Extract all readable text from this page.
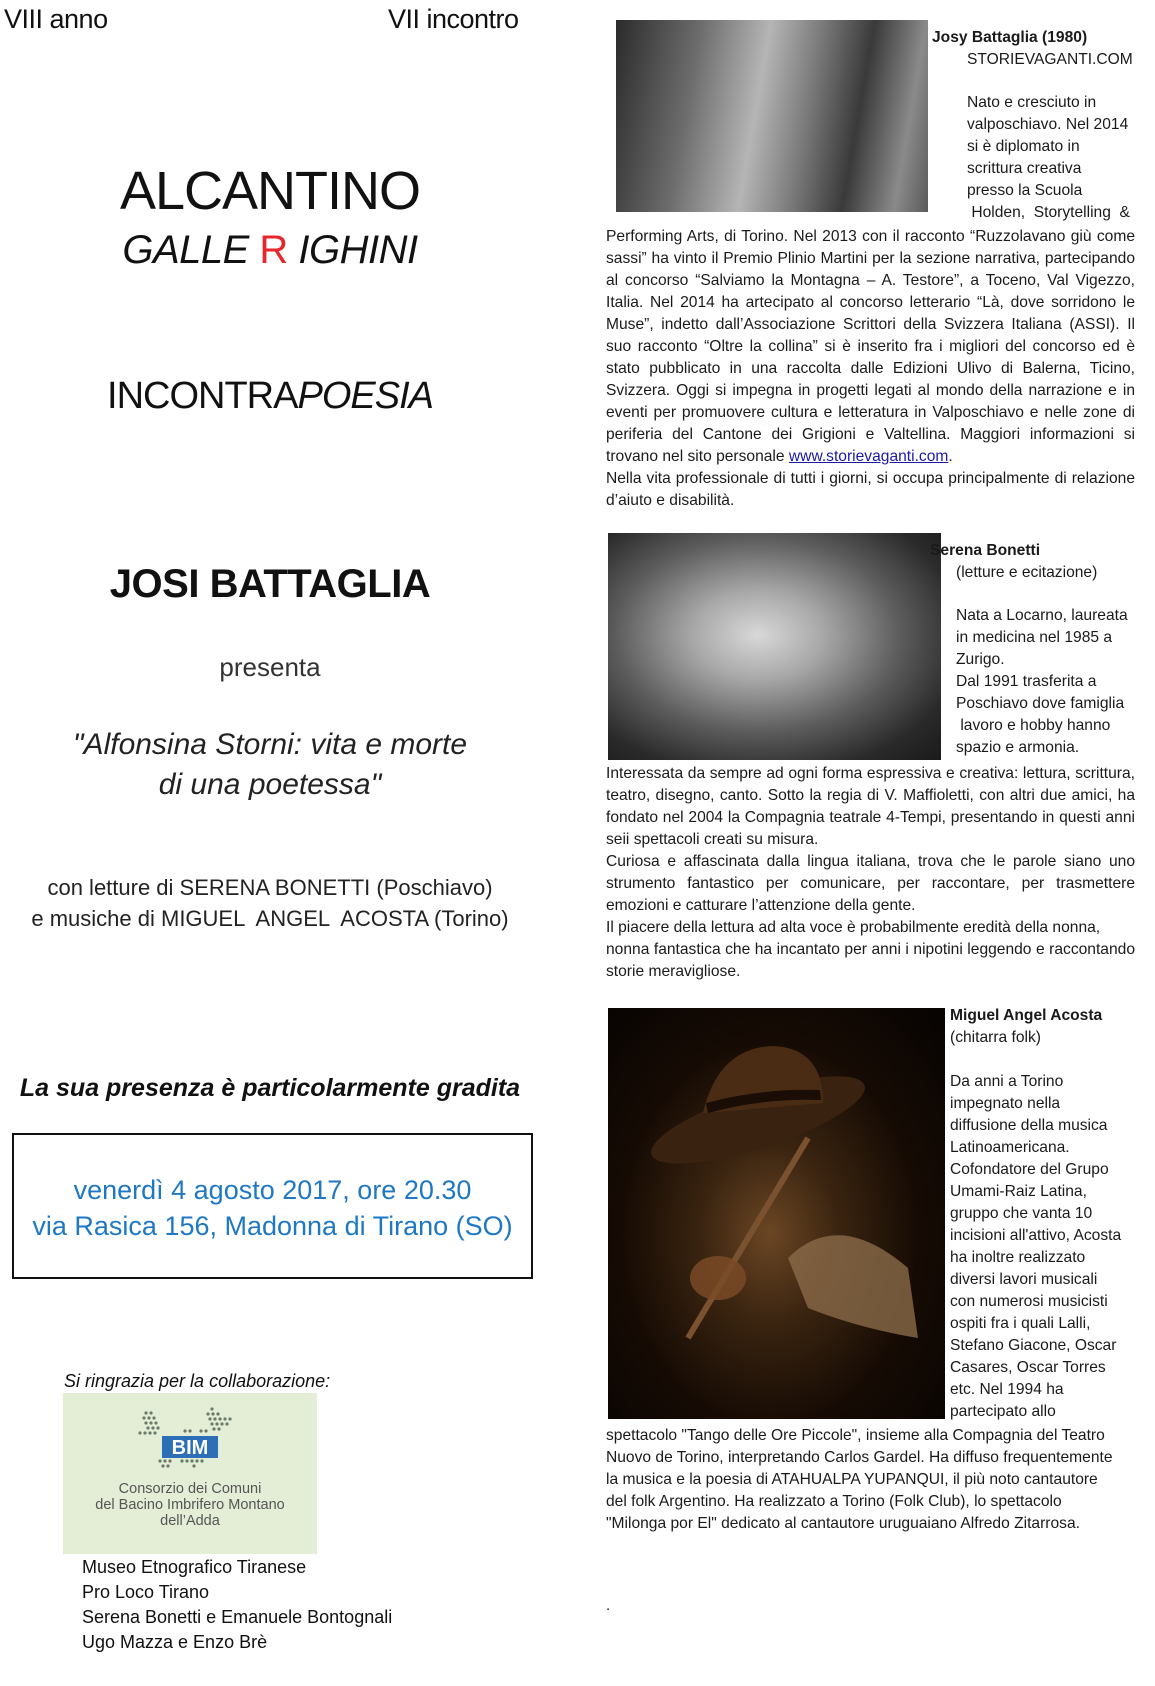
VIII anno	VII incontro
ALCANTINO
GALLE R IGHINI
INCONTRAPOESIA
JOSI BATTAGLIA
presenta
"Alfonsina Storni: vita e morte
di una poetessa"
con letture di SERENA BONETTI (Poschiavo)
e musiche di MIGUEL  ANGEL  ACOSTA (Torino)
La sua presenza è particolarmente gradita
venerdì 4 agosto 2017, ore 20.30
via Rasica 156, Madonna di Tirano (SO)
Si ringrazia per la collaborazione:
BIM
Consorzio dei Comuni
del Bacino Imbrifero Montano
dell’Adda
Museo Etnografico Tiranese
Pro Loco Tirano
Serena Bonetti e Emanuele Bontognali
Ugo Mazza e Enzo Brè
Josy Battaglia (1980)
STORIEVAGANTI.COM
Nato e cresciuto in
valposchiavo. Nel 2014
si è diplomato in
scrittura creativa
presso la Scuola
Holden,  Storytelling  &
Performing Arts, di Torino. Nel 2013 con il racconto “Ruzzolavano giù come sassi” ha vinto il Premio Plinio Martini per la sezione narrativa, partecipando al concorso “Salviamo la Montagna – A. Testore”, a Toceno, Val Vigezzo, Italia. Nel 2014 ha artecipato al concorso letterario “Là, dove sorridono le Muse”, indetto dall’Associazione Scrittori della Svizzera Italiana (ASSI). Il suo racconto “Oltre la collina” si è inserito fra i migliori del concorso ed è stato pubblicato in una raccolta dalle Edizioni Ulivo di Balerna, Ticino, Svizzera. Oggi si impegna in progetti legati al mondo della narrazione e in eventi per promuovere cultura e letteratura in Valposchiavo e nelle zone di periferia del Cantone dei Grigioni e Valtellina. Maggiori informazioni si trovano nel sito personale www.storievaganti.com.
Nella vita professionale di tutti i giorni, si occupa principalmente di relazione d’aiuto e disabilità.
Serena Bonetti
(letture e ecitazione)
Nata a Locarno, laureata
in medicina nel 1985 a
Zurigo.
Dal 1991 trasferita a
Poschiavo dove famiglia
lavoro e hobby hanno
spazio e armonia.
Interessata da sempre ad ogni forma espressiva e creativa: lettura, scrittura, teatro, disegno, canto. Sotto la regia di V. Maffioletti, con altri due amici, ha fondato nel 2004 la Compagnia teatrale 4-Tempi, presentando in questi anni seii spettacoli creati su misura.
Curiosa e affascinata dalla lingua italiana, trova che le parole siano uno strumento fantastico per comunicare, per raccontare, per trasmettere emozioni e catturare l’attenzione della gente.
Il piacere della lettura ad alta voce è probabilmente eredità della nonna,
nonna fantastica che ha incantato per anni i nipotini leggendo e raccontando storie meravigliose.
Miguel Angel Acosta
(chitarra folk)
Da anni a Torino
impegnato nella
diffusione della musica
Latinoamericana.
Cofondatore del Grupo
Umami-Raiz Latina,
gruppo che vanta 10
incisioni all'attivo, Acosta
ha inoltre realizzato
diversi lavori musicali
con numerosi musicisti
ospiti fra i quali Lalli,
Stefano Giacone, Oscar
Casares, Oscar Torres
etc. Nel 1994 ha
partecipato allo
spettacolo "Tango delle Ore Piccole", insieme alla Compagnia del Teatro
Nuovo de Torino, interpretando Carlos Gardel. Ha diffuso frequentemente
la musica e la poesia di ATAHUALPA YUPANQUI, il più noto cantautore
del folk Argentino. Ha realizzato a Torino (Folk Club), lo spettacolo
"Milonga por El" dedicato al cantautore uruguaiano Alfredo Zitarrosa.
.
